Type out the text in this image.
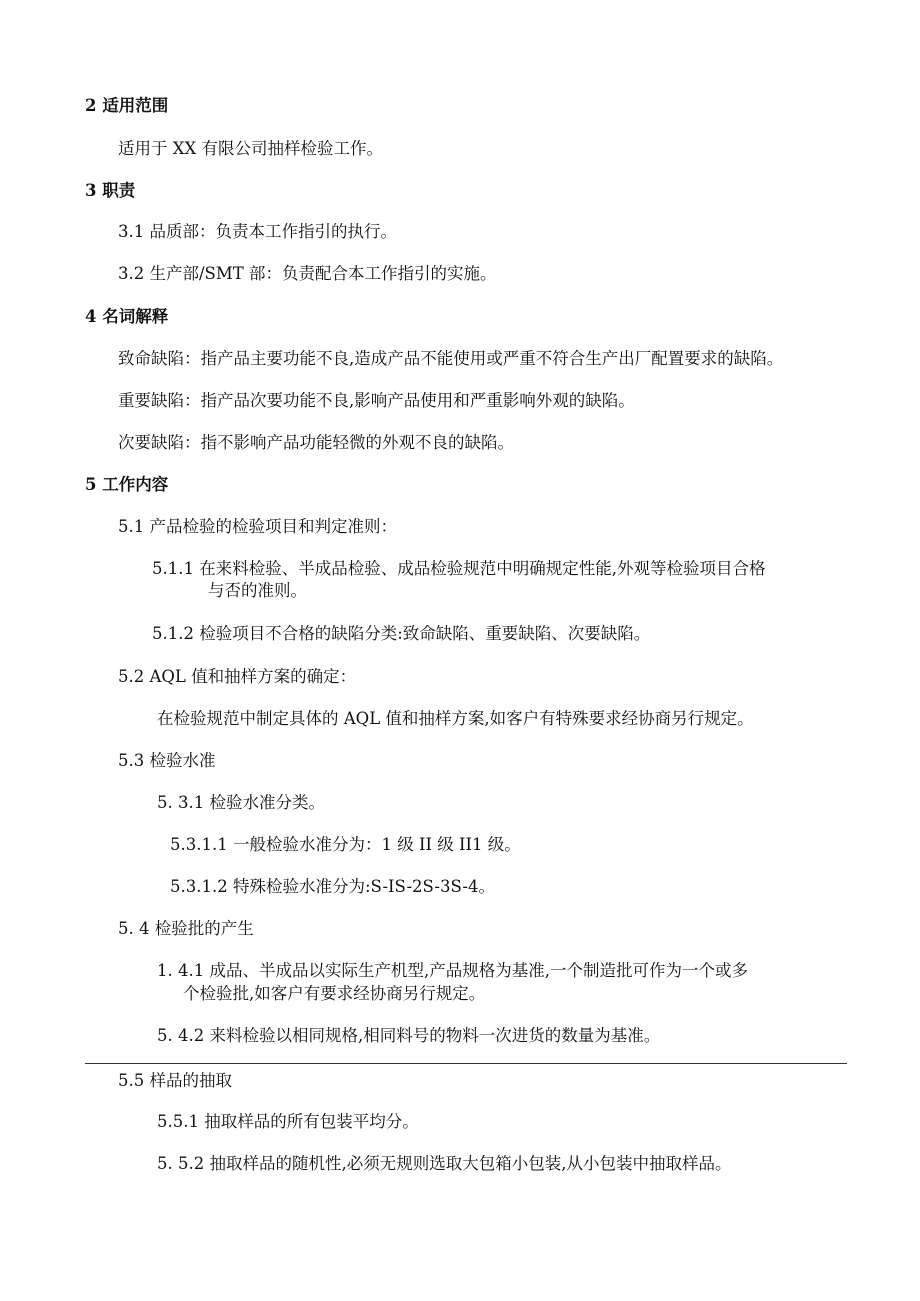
2 适用范围
适用于 XX 有限公司抽样检验工作。
3 职责
3.1 品质部：负责本工作指引的执行。
3.2 生产部/SMT 部：负责配合本工作指引的实施。
4 名词解释
致命缺陷：指产品主要功能不良,造成产品不能使用或严重不符合生产出厂配置要求的缺陷。
重要缺陷：指产品次要功能不良,影响产品使用和严重影响外观的缺陷。
次要缺陷：指不影响产品功能轻微的外观不良的缺陷。
5 工作内容
5.1 产品检验的检验项目和判定准则：
5.1.1 在来料检验、半成品检验、成品检验规范中明确规定性能,外观等检验项目合格
与否的准则。
5.1.2 检验项目不合格的缺陷分类:致命缺陷、重要缺陷、次要缺陷。
5.2 AQL 值和抽样方案的确定：
在检验规范中制定具体的 AQL 值和抽样方案,如客户有特殊要求经协商另行规定。
5.3 检验水准
5. 3.1 检验水准分类。
5.3.1.1 一般检验水准分为：1 级 II 级 II1 级。
5.3.1.2 特殊检验水准分为:S-IS-2S-3S-4。
5. 4 检验批的产生
1. 4.1 成品、半成品以实际生产机型,产品规格为基准,一个制造批可作为一个或多
个检验批,如客户有要求经协商另行规定。
5. 4.2 来料检验以相同规格,相同料号的物料一次进货的数量为基准。
5.5 样品的抽取
5.5.1 抽取样品的所有包装平均分。
5. 5.2 抽取样品的随机性,必须无规则选取大包箱小包装,从小包装中抽取样品。
